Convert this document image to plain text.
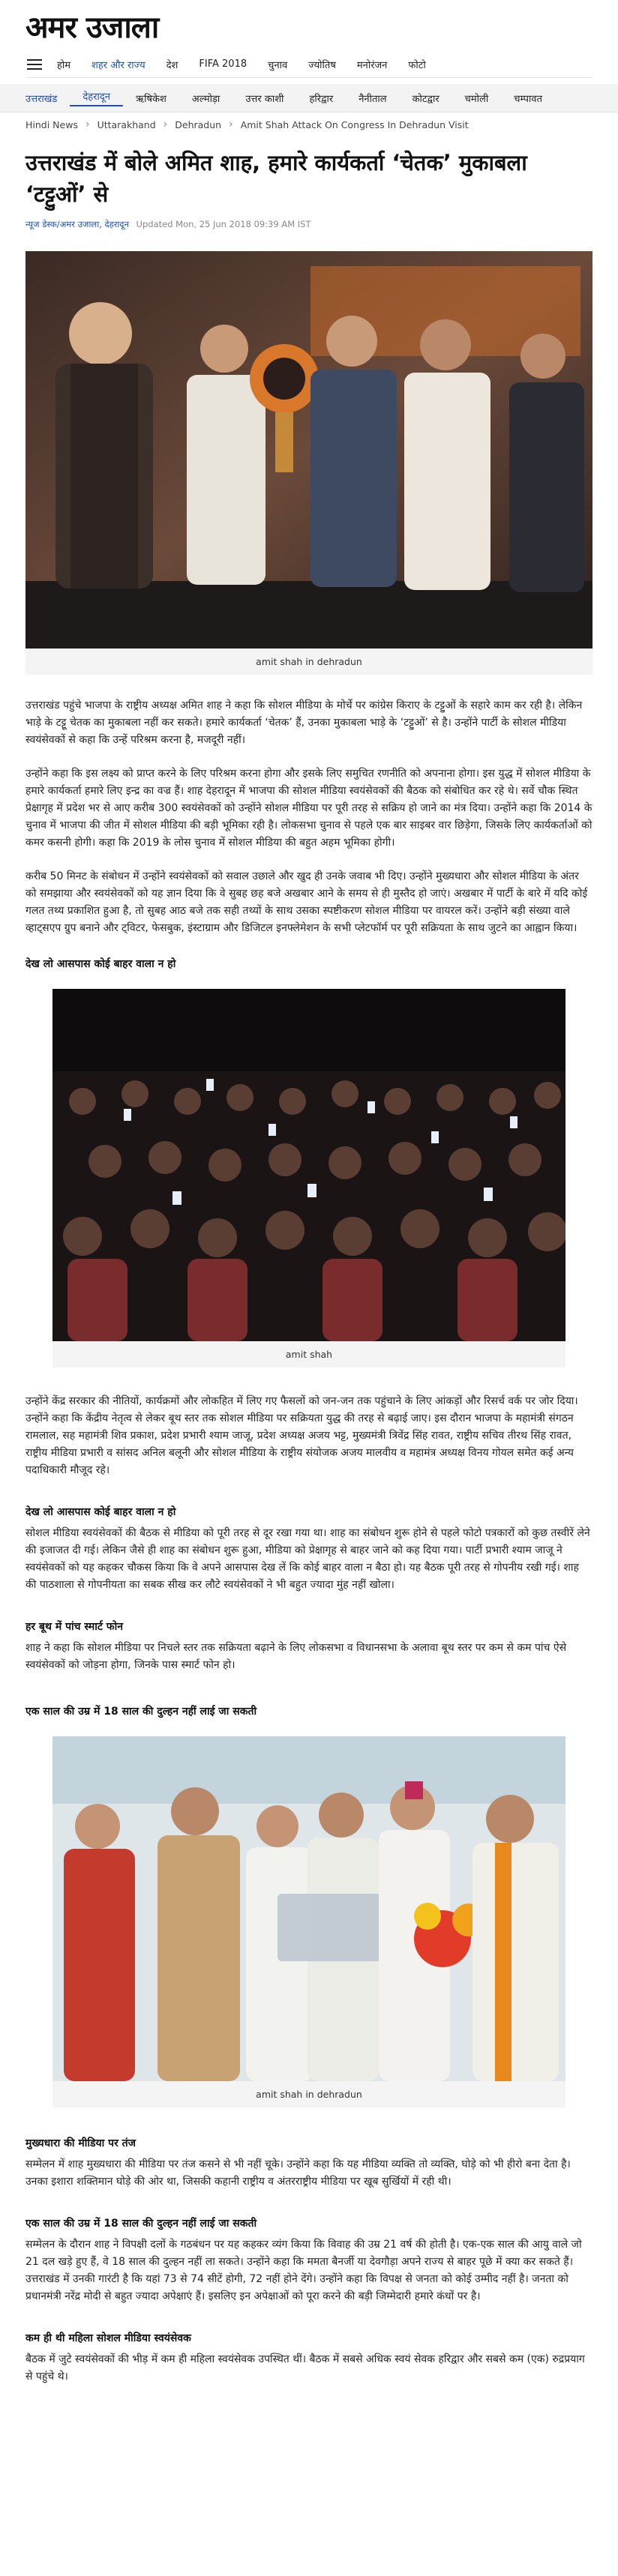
अमर उजाला
होम शहर और राज्य देश FIFA 2018 चुनाव ज्योतिष मनोरंजन फोटो
उत्तराखंड	देहरादून	ऋषिकेश	अल्मोड़ा	उत्तर काशी	हरिद्वार	नैनीताल	कोटद्वार	चमोली	चम्पावत
Hindi News › Uttarakhand › Dehradun › Amit Shah Attack On Congress In Dehradun Visit
उत्तराखंड में बोले अमित शाह, हमारे कार्यकर्ता ‘चेतक’ मुकाबला ‘टट्टुओं’ से
न्यूज डेस्क/अमर उजाला, देहरादून Updated Mon, 25 Jun 2018 09:39 AM IST
amit shah in dehradun

उत्तराखंड पहुंचे भाजपा के राष्ट्रीय अध्यक्ष अमित शाह ने कहा कि सोशल मीडिया के मोर्चे पर कांग्रेस किराए के टट्टुओं के सहारे काम कर रही है। लेकिन भाड़े के टट्टू चेतक का मुकाबला नहीं कर सकते। हमारे कार्यकर्ता ‘चेतक’ हैं, उनका मुकाबला भाड़े के ‘टट्टुओं’ से है। उन्होंने पार्टी के सोशल मीडिया स्वयंसेवकों से कहा कि उन्हें परिश्रम करना है, मजदूरी नहीं।

उन्होंने कहा कि इस लक्ष्य को प्राप्त करने के लिए परिश्रम करना होगा और इसके लिए समुचित रणनीति को अपनाना होगा। इस युद्ध में सोशल मीडिया के हमारे कार्यकर्ता हमारे लिए इन्द्र का वज्र हैं। शाह देहरादून में भाजपा की सोशल मीडिया स्वयंसेवकों की बैठक को संबोधित कर रहे थे। सर्वे चौक स्थित प्रेक्षागृह में प्रदेश भर से आए करीब 300 स्वयंसेवकों को उन्होंने सोशल मीडिया पर पूरी तरह से सक्रिय हो जाने का मंत्र दिया। उन्होंने कहा कि 2014 के चुनाव में भाजपा की जीत में सोशल मीडिया की बड़ी भूमिका रही है। लोकसभा चुनाव से पहले एक बार साइबर वार छिड़ेगा, जिसके लिए कार्यकर्ताओं को कमर कसनी होगी। कहा कि 2019 के लोस चुनाव में सोशल मीडिया की बहुत अहम भूमिका होगी।

करीब 50 मिनट के संबोधन में उन्होंने स्वयंसेवकों को सवाल उछाले और खुद ही उनके जवाब भी दिए। उन्होंने मुख्यधारा और सोशल मीडिया के अंतर को समझाया और स्वयंसेवकों को यह ज्ञान दिया कि वे सुबह छह बजे अखबार आने के समय से ही मुस्तैद हो जाएं। अखबार में पार्टी के बारे में यदि कोई गलत तथ्य प्रकाशित हुआ है, तो सुबह आठ बजे तक सही तथ्यों के साथ उसका स्पष्टीकरण सोशल मीडिया पर वायरल करें। उन्होंने बड़ी संख्या वाले व्हाट्सएप ग्रुप बनाने और ट्विटर, फेसबुक, इंस्टाग्राम और डिजिटल इनफ्लेमेशन के सभी प्लेटफॉर्म पर पूरी सक्रियता के साथ जुटने का आह्वान किया।

देख लो आसपास कोई बाहर वाला न हो
amit shah

उन्होंने केंद्र सरकार की नीतियों, कार्यक्रमों और लोकहित में लिए गए फैसलों को जन-जन तक पहुंचाने के लिए आंकड़ों और रिसर्च वर्क पर जोर दिया। उन्होंने कहा कि केंद्रीय नेतृत्व से लेकर बूथ स्तर तक सोशल मीडिया पर सक्रियता युद्ध की तरह से बढ़ाई जाए। इस दौरान भाजपा के महामंत्री संगठन रामलाल, सह महामंत्री शिव प्रकाश, प्रदेश प्रभारी श्याम जाजू, प्रदेश अध्यक्ष अजय भट्ट, मुख्यमंत्री त्रिवेंद्र सिंह रावत, राष्ट्रीय सचिव तीरथ सिंह रावत, राष्ट्रीय मीडिया प्रभारी व सांसद अनिल बलूनी और सोशल मीडिया के राष्ट्रीय संयोजक अजय मालवीय व महामंत्र अध्यक्ष विनय गोयल समेत कई अन्य पदाधिकारी मौजूद रहे।

देख लो आसपास कोई बाहर वाला न हो

सोशल मीडिया स्वयंसेवकों की बैठक से मीडिया को पूरी तरह से दूर रखा गया था। शाह का संबोधन शुरू होने से पहले फोटो पत्रकारों को कुछ तस्वीरें लेने की इजाजत दी गई। लेकिन जैसे ही शाह का संबोधन शुरू हुआ, मीडिया को प्रेक्षागृह से बाहर जाने को कह दिया गया। पार्टी प्रभारी श्याम जाजू ने स्वयंसेवकों को यह कहकर चौकस किया कि वे अपने आसपास देख लें कि कोई बाहर वाला न बैठा हो। यह बैठक पूरी तरह से गोपनीय रखी गई। शाह की पाठशाला से गोपनीयता का सबक सीख कर लौटे स्वयंसेवकों ने भी बहुत ज्यादा मुंह नहीं खोला।

हर बूथ में पांच स्मार्ट फोन

शाह ने कहा कि सोशल मीडिया पर निचले स्तर तक सक्रियता बढ़ाने के लिए लोकसभा व विधानसभा के अलावा बूथ स्तर पर कम से कम पांच ऐसे स्वयंसेवकों को जोड़ना होगा, जिनके पास स्मार्ट फोन हो।

एक साल की उम्र में 18 साल की दुल्हन नहीं लाई जा सकती
amit shah in dehradun
मुख्यधारा की मीडिया पर तंज

सम्मेलन में शाह मुख्यधारा की मीडिया पर तंज कसने से भी नहीं चूके। उन्होंने कहा कि यह मीडिया व्यक्ति तो व्यक्ति, घोड़े को भी हीरो बना देता है। उनका इशारा शक्तिमान घोड़े की ओर था, जिसकी कहानी राष्ट्रीय व अंतरराष्ट्रीय मीडिया पर खूब सुर्खियों में रही थी।

एक साल की उम्र में 18 साल की दुल्हन नहीं लाई जा सकती

सम्मेलन के दौरान शाह ने विपक्षी दलों के गठबंधन पर यह कहकर व्यंग किया कि विवाह की उम्र 21 वर्ष की होती है। एक-एक साल की आयु वाले जो 21 दल खड़े हुए हैं, वे 18 साल की दुल्हन नहीं ला सकते। उन्होंने कहा कि ममता बैनर्जी या देवगौड़ा अपने राज्य से बाहर पूछे में क्या कर सकते हैं। उत्तराखंड में उनकी गारंटी है कि यहां 73 से 74 सीटें होगी, 72 नहीं होने देंगे। उन्होंने कहा कि विपक्ष से जनता को कोई उम्मीद नहीं है। जनता को प्रधानमंत्री नरेंद्र मोदी से बहुत ज्यादा अपेक्षाएं हैं। इसलिए इन अपेक्षाओं को पूरा करने की बड़ी जिम्मेदारी हमारे कंधों पर है।

कम ही थी महिला सोशल मीडिया स्वयंसेवक

बैठक में जुटे स्वयंसेवकों की भीड़ में कम ही महिला स्वयंसेवक उपस्थित थीं। बैठक में सबसे अधिक स्वयं सेवक हरिद्वार और सबसे कम (एक) रुद्रप्रयाग से पहुंचे थे।
